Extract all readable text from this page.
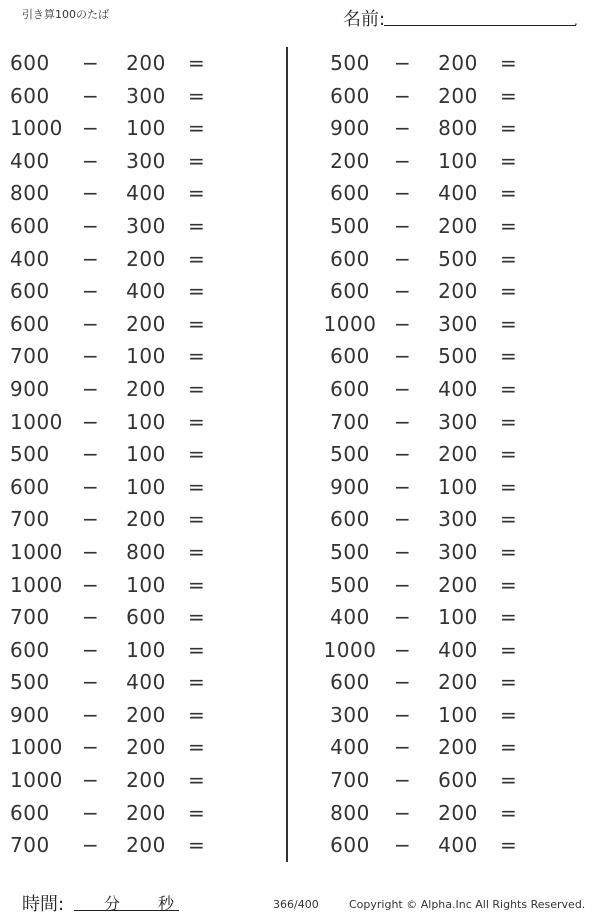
引き算100のたば	名前:	.
600	− 200 =
600	− 300 =
1000 − 100 =
400	− 300 =
800	− 400 =
600	− 300 =
400	− 200 =
600	− 400 =
600	− 200 =
700	− 100 =
900	− 200 =
1000 − 100 =
500	− 100 =
600	− 100 =
700	− 200 =
1000 − 800 =
1000 − 100 =
700	− 600 =
600	− 100 =
500	− 400 =
900	− 200 =
1000 − 200 =
1000 − 200 =
600	− 200 =
700	− 200 =
500	− 200 =
600	− 200 =
900	− 800 =
200	− 100 =
600	− 400 =
500	− 200 =
600	− 500 =
600	− 200 =
1000 − 300 =
600	− 500 =
600	− 400 =
700	− 300 =
500	− 200 =
900	− 100 =
600	− 300 =
500	− 300 =
500	− 200 =
400	− 100 =
1000 − 400 =
600	− 200 =
300	− 100 =
400	− 200 =
700	− 600 =
800	− 200 =
600	− 400 =
時間: 分 秒	366/400	Copyright © Alpha.Inc All Rights Reserved.
